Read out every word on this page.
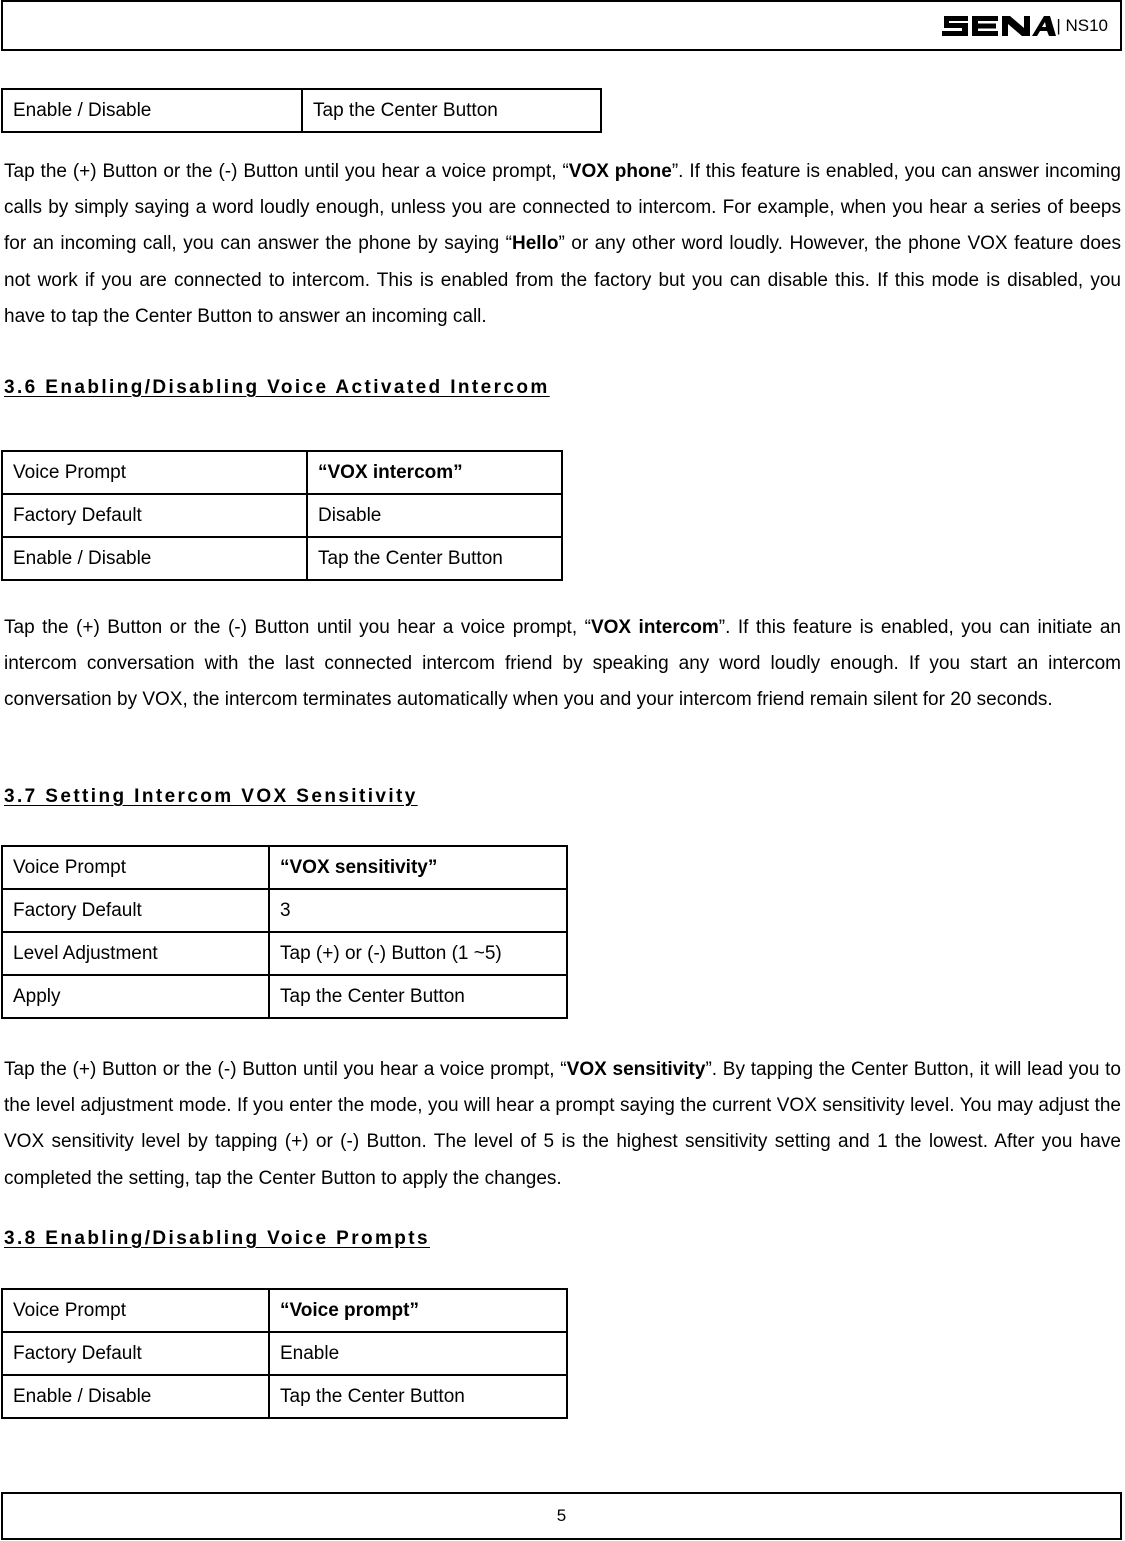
| NS10
Enable / Disable	Tap the Center Button

Tap the (+) Button or the (-) Button until you hear a voice prompt, “VOX phone”. If this feature is enabled, you can answer incoming calls by simply saying a word loudly enough, unless you are connected to intercom. For example, when you hear a series of beeps for an incoming call, you can answer the phone by saying “Hello” or any other word loudly. However, the phone VOX feature does not work if you are connected to intercom. This is enabled from the factory but you can disable this. If this mode is disabled, you have to tap the Center Button to answer an incoming call.

3.6 Enabling/Disabling Voice Activated Intercom
Voice Prompt	“VOX intercom”
Factory Default	Disable
Enable / Disable	Tap the Center Button

Tap the (+) Button or the (-) Button until you hear a voice prompt, “VOX intercom”. If this feature is enabled, you can initiate an intercom conversation with the last connected intercom friend by speaking any word loudly enough. If you start an intercom conversation by VOX, the intercom terminates automatically when you and your intercom friend remain silent for 20 seconds.

3.7 Setting Intercom VOX Sensitivity
Voice Prompt	“VOX sensitivity”
Factory Default	3
Level Adjustment	Tap (+) or (-) Button (1 ~5)
Apply	Tap the Center Button

Tap the (+) Button or the (-) Button until you hear a voice prompt, “VOX sensitivity”. By tapping the Center Button, it will lead you to the level adjustment mode. If you enter the mode, you will hear a prompt saying the current VOX sensitivity level. You may adjust the VOX sensitivity level by tapping (+) or (-) Button. The level of 5 is the highest sensitivity setting and 1 the lowest. After you have completed the setting, tap the Center Button to apply the changes.

3.8 Enabling/Disabling Voice Prompts
Voice Prompt	“Voice prompt”
Factory Default	Enable
Enable / Disable	Tap the Center Button
5
